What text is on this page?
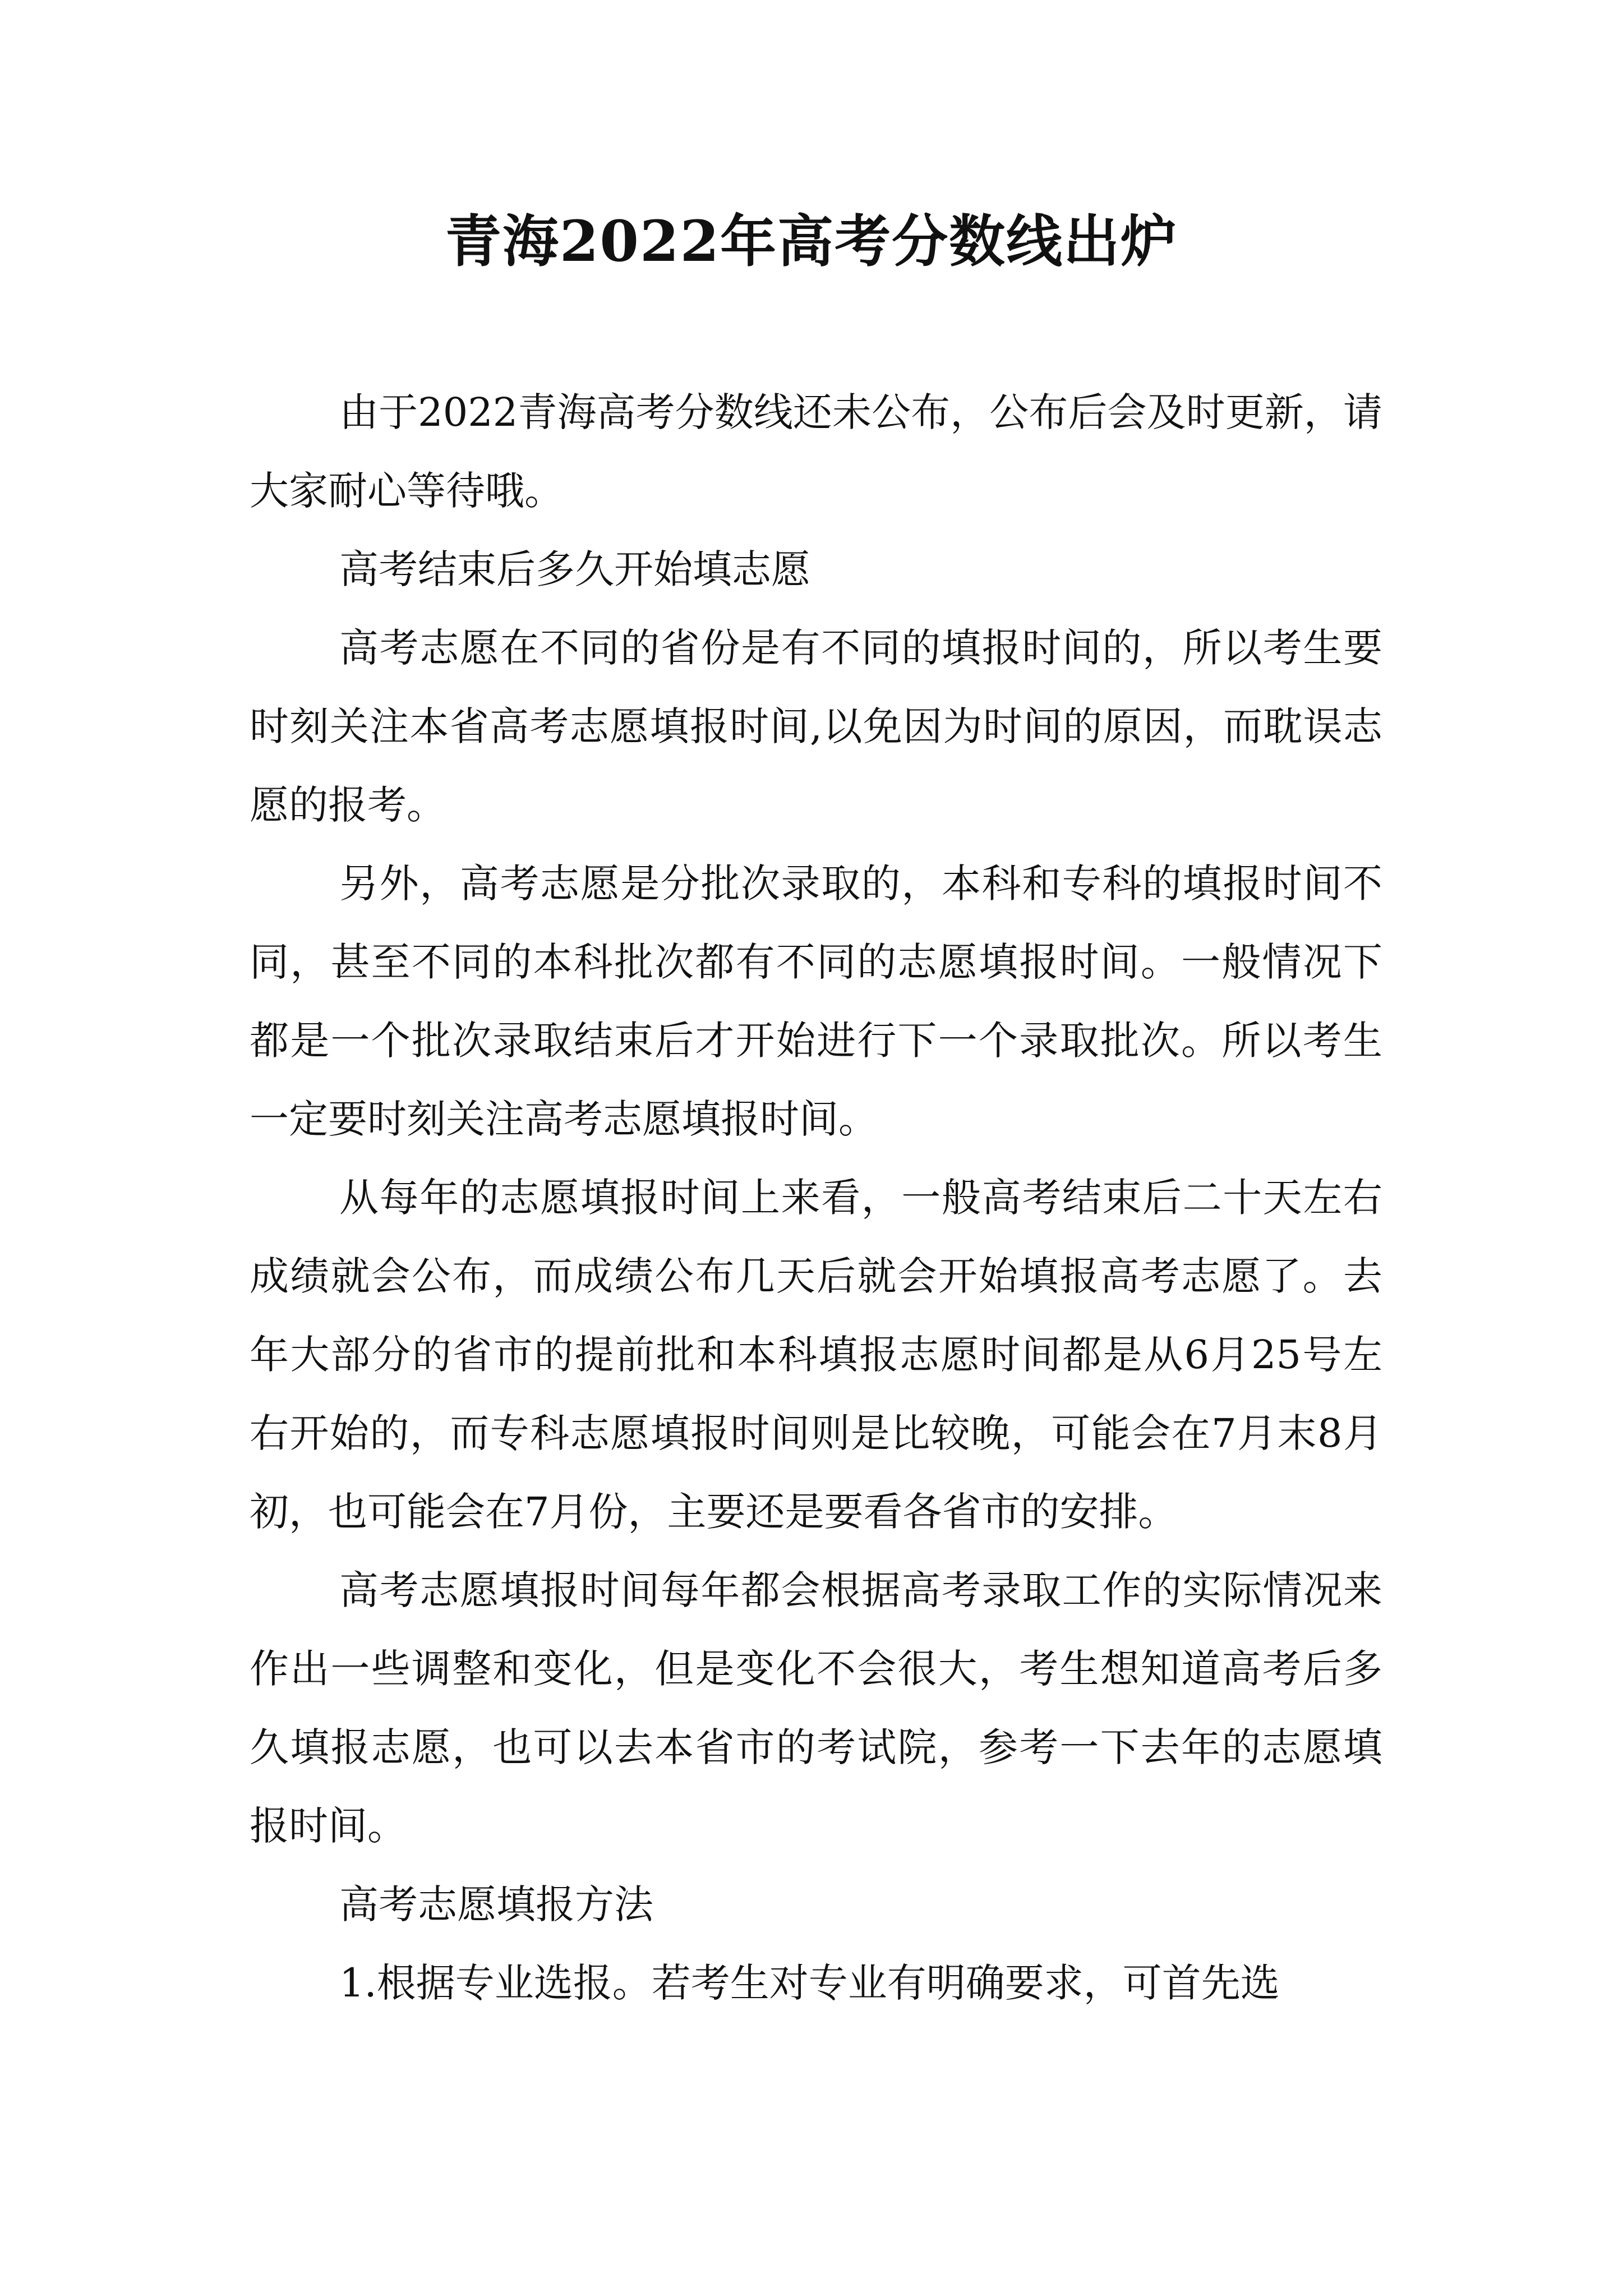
青海2022年高考分数线出炉

由于2022青海高考分数线还未公布，公布后会及时更新，请大家耐心等待哦。

高考结束后多久开始填志愿

高考志愿在不同的省份是有不同的填报时间的，所以考生要时刻关注本省高考志愿填报时间,以免因为时间的原因，而耽误志愿的报考。

另外，高考志愿是分批次录取的，本科和专科的填报时间不同，甚至不同的本科批次都有不同的志愿填报时间。一般情况下都是一个批次录取结束后才开始进行下一个录取批次。所以考生一定要时刻关注高考志愿填报时间。

从每年的志愿填报时间上来看，一般高考结束后二十天左右成绩就会公布，而成绩公布几天后就会开始填报高考志愿了。去年大部分的省市的提前批和本科填报志愿时间都是从6月25号左右开始的，而专科志愿填报时间则是比较晚，可能会在7月末8月初，也可能会在7月份，主要还是要看各省市的安排。

高考志愿填报时间每年都会根据高考录取工作的实际情况来作出一些调整和变化，但是变化不会很大，考生想知道高考后多久填报志愿，也可以去本省市的考试院，参考一下去年的志愿填报时间。

高考志愿填报方法

1.根据专业选报。若考生对专业有明确要求，可首先选
